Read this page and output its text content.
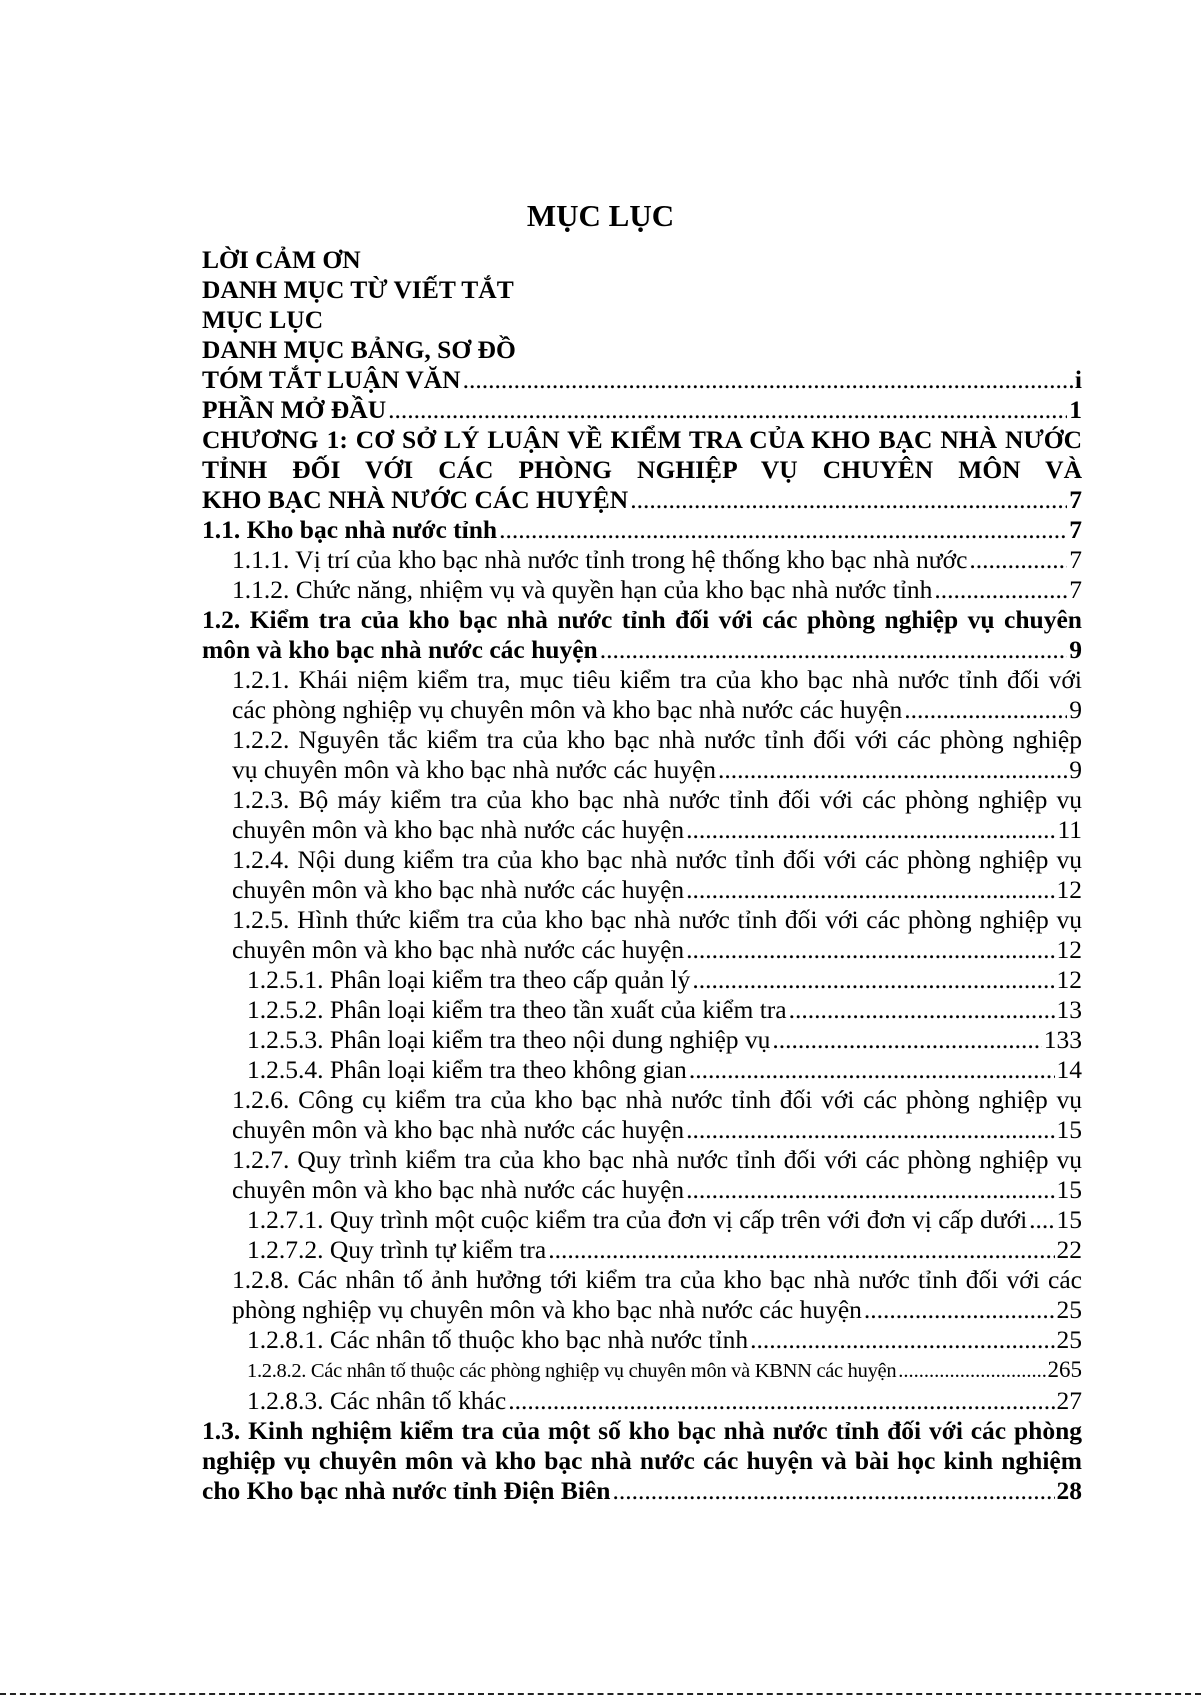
MỤC LỤC
LỜI CẢM ƠN
DANH MỤC TỪ VIẾT TẮT
MỤC LỤC
DANH MỤC BẢNG, SƠ ĐỒ
TÓM TẮT LUẬN VĂN .....	i
PHẦN MỞ ĐẦU .....	1
CHƯƠNG 1: CƠ SỞ LÝ LUẬN VỀ KIỂM TRA CỦA KHO BẠC NHÀ NƯỚC TỈNH ĐỐI VỚI CÁC PHÒNG NGHIỆP VỤ CHUYÊN MÔN VÀ
KHO BẠC NHÀ NƯỚC CÁC HUYỆN .....	7
1.1. Kho bạc nhà nước tỉnh .....	7
1.1.1. Vị trí của kho bạc nhà nước tỉnh trong hệ thống kho bạc nhà nước .....	7
1.1.2. Chức năng, nhiệm vụ và quyền hạn của kho bạc nhà nước tỉnh .....	7
1.2. Kiểm tra của kho bạc nhà nước tỉnh đối với các phòng nghiệp vụ chuyên
môn và kho bạc nhà nước các huyện .....	9
1.2.1. Khái niệm kiểm tra, mục tiêu kiểm tra của kho bạc nhà nước tỉnh đối với
các phòng nghiệp vụ chuyên môn và kho bạc nhà nước các huyện .....	9
1.2.2. Nguyên tắc kiểm tra của kho bạc nhà nước tỉnh đối với các phòng nghiệp
vụ chuyên môn và kho bạc nhà nước các huyện .....	9
1.2.3. Bộ máy kiểm tra của kho bạc nhà nước tỉnh đối với các phòng nghiệp vụ
chuyên môn và kho bạc nhà nước các huyện .....	11
1.2.4. Nội dung kiểm tra của kho bạc nhà nước tỉnh đối với các phòng nghiệp vụ
chuyên môn và kho bạc nhà nước các huyện .....	12
1.2.5. Hình thức kiểm tra của kho bạc nhà nước tỉnh đối với các phòng nghiệp vụ
chuyên môn và kho bạc nhà nước các huyện .....	12
1.2.5.1. Phân loại kiểm tra theo cấp quản lý .....	12
1.2.5.2. Phân loại kiểm tra theo tần xuất của kiểm tra .....	13
1.2.5.3. Phân loại kiểm tra theo nội dung nghiệp vụ .....	133
1.2.5.4. Phân loại kiểm tra theo không gian .....	14
1.2.6. Công cụ kiểm tra của kho bạc nhà nước tỉnh đối với các phòng nghiệp vụ
chuyên môn và kho bạc nhà nước các huyện .....	15
1.2.7. Quy trình kiểm tra của kho bạc nhà nước tỉnh đối với các phòng nghiệp vụ
chuyên môn và kho bạc nhà nước các huyện .....	15
1.2.7.1. Quy trình một cuộc kiểm tra của đơn vị cấp trên với đơn vị cấp dưới ..... 15
1.2.7.2. Quy trình tự kiểm tra .....	22
1.2.8. Các nhân tố ảnh hưởng tới kiểm tra của kho bạc nhà nước tỉnh đối với các
phòng nghiệp vụ chuyên môn và kho bạc nhà nước các huyện .....	25
1.2.8.1. Các nhân tố thuộc kho bạc nhà nước tỉnh .....	25
1.2.8.2. Các nhân tố thuộc các phòng nghiệp vụ chuyên môn và KBNN các huyện .....	265
1.2.8.3. Các nhân tố khác .....	27
1.3. Kinh nghiệm kiểm tra của một số kho bạc nhà nước tỉnh đối với các phòng nghiệp vụ chuyên môn và kho bạc nhà nước các huyện và bài học kinh nghiệm
cho Kho bạc nhà nước tỉnh Điện Biên .....	28
